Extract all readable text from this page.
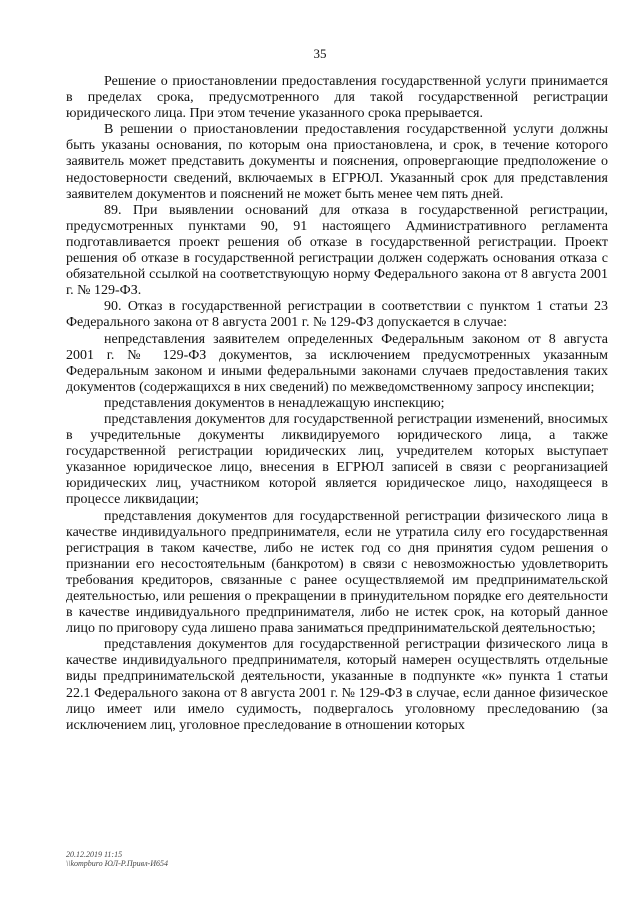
35

Решение о приостановлении предоставления государственной услуги принимается в пределах срока, предусмотренного для такой государственной регистрации юридического лица. При этом течение указанного срока прерывается.

В решении о приостановлении предоставления государственной услуги должны быть указаны основания, по которым она приостановлена, и срок, в течение которого заявитель может представить документы и пояснения, опровергающие предположение о недостоверности сведений, включаемых в ЕГРЮЛ. Указанный срок для представления заявителем документов и пояснений не может быть менее чем пять дней.

89. При выявлении оснований для отказа в государственной регистрации, предусмотренных пунктами 90, 91 настоящего Административного регламента подготавливается проект решения об отказе в государственной регистрации. Проект решения об отказе в государственной регистрации должен содержать основания отказа с обязательной ссылкой на соответствующую норму Федерального закона от 8 августа 2001 г. № 129-ФЗ.

90. Отказ в государственной регистрации в соответствии с пунктом 1 статьи 23 Федерального закона от 8 августа 2001 г. № 129-ФЗ допускается в случае:

непредставления заявителем определенных Федеральным законом от 8 августа 2001 г. № 129-ФЗ документов, за исключением предусмотренных указанным Федеральным законом и иными федеральными законами случаев предоставления таких документов (содержащихся в них сведений) по межведомственному запросу инспекции;

представления документов в ненадлежащую инспекцию;

представления документов для государственной регистрации изменений, вносимых в учредительные документы ликвидируемого юридического лица, а также государственной регистрации юридических лиц, учредителем которых выступает указанное юридическое лицо, внесения в ЕГРЮЛ записей в связи с реорганизацией юридических лиц, участником которой является юридическое лицо, находящееся в процессе ликвидации;

представления документов для государственной регистрации физического лица в качестве индивидуального предпринимателя, если не утратила силу его государственная регистрация в таком качестве, либо не истек год со дня принятия судом решения о признании его несостоятельным (банкротом) в связи с невозможностью удовлетворить требования кредиторов, связанные с ранее осуществляемой им предпринимательской деятельностью, или решения о прекращении в принудительном порядке его деятельности в качестве индивидуального предпринимателя, либо не истек срок, на который данное лицо по приговору суда лишено права заниматься предпринимательской деятельностью;

представления документов для государственной регистрации физического лица в качестве индивидуального предпринимателя, который намерен осуществлять отдельные виды предпринимательской деятельности, указанные в подпункте «к» пункта 1 статьи 22.1 Федерального закона от 8 августа 2001 г. № 129-ФЗ в случае, если данное физическое лицо имеет или имело судимость, подвергалось уголовному преследованию (за исключением лиц, уголовное преследование в отношении которых

20.12.2019 11:15
\\kompburo ЮЛ-Р.Привл-И654
